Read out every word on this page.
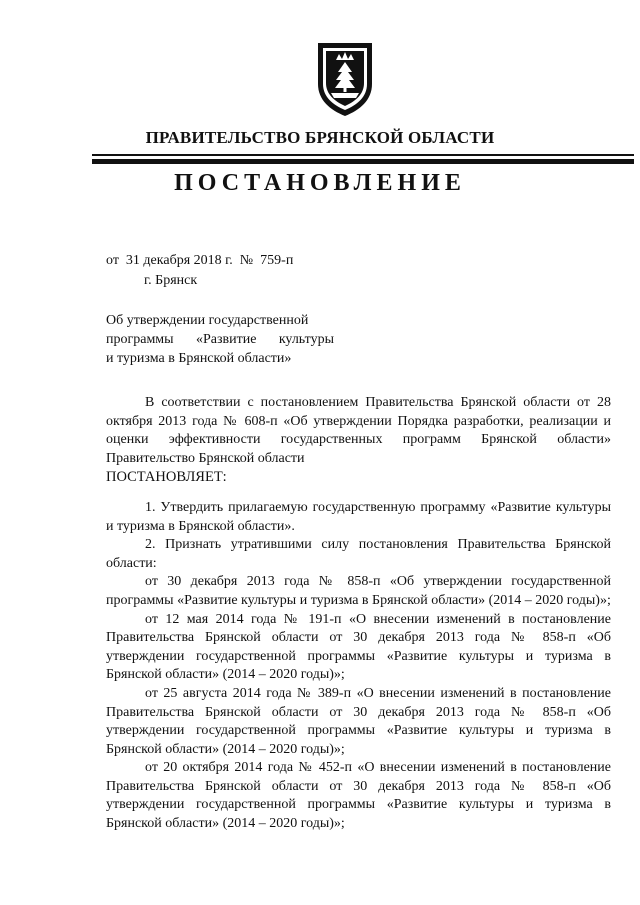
ПРАВИТЕЛЬСТВО БРЯНСКОЙ ОБЛАСТИ
ПОСТАНОВЛЕНИЕ
от  31 декабря 2018 г.  №  759-п
г. Брянск
Об утверждении государственной
программы «Развитие культуры
и туризма в Брянской области»

В соответствии с постановлением Правительства Брянской области от 28 октября 2013 года № 608-п «Об утверждении Порядка разработки, реализации и оценки эффективности государственных программ Брянской области» Правительство Брянской области

ПОСТАНОВЛЯЕТ:

1. Утвердить прилагаемую государственную программу «Развитие культуры и туризма в Брянской области».

2. Признать утратившими силу постановления Правительства Брянской области:

от 30 декабря 2013 года № 858-п «Об утверждении государственной программы «Развитие культуры и туризма в Брянской области» (2014 – 2020 годы)»;

от 12 мая 2014 года № 191-п «О внесении изменений в постановление Правительства Брянской области от 30 декабря 2013 года № 858-п «Об утверждении государственной программы «Развитие культуры и туризма в Брянской области» (2014 – 2020 годы)»;

от 25 августа 2014 года № 389-п «О внесении изменений в постановление Правительства Брянской области от 30 декабря 2013 года № 858-п «Об утверждении государственной программы «Развитие культуры и туризма в Брянской области» (2014 – 2020 годы)»;

от 20 октября 2014 года № 452-п «О внесении изменений в постановление Правительства Брянской области от 30 декабря 2013 года № 858-п «Об утверждении государственной программы «Развитие культуры и туризма в Брянской области» (2014 – 2020 годы)»;
